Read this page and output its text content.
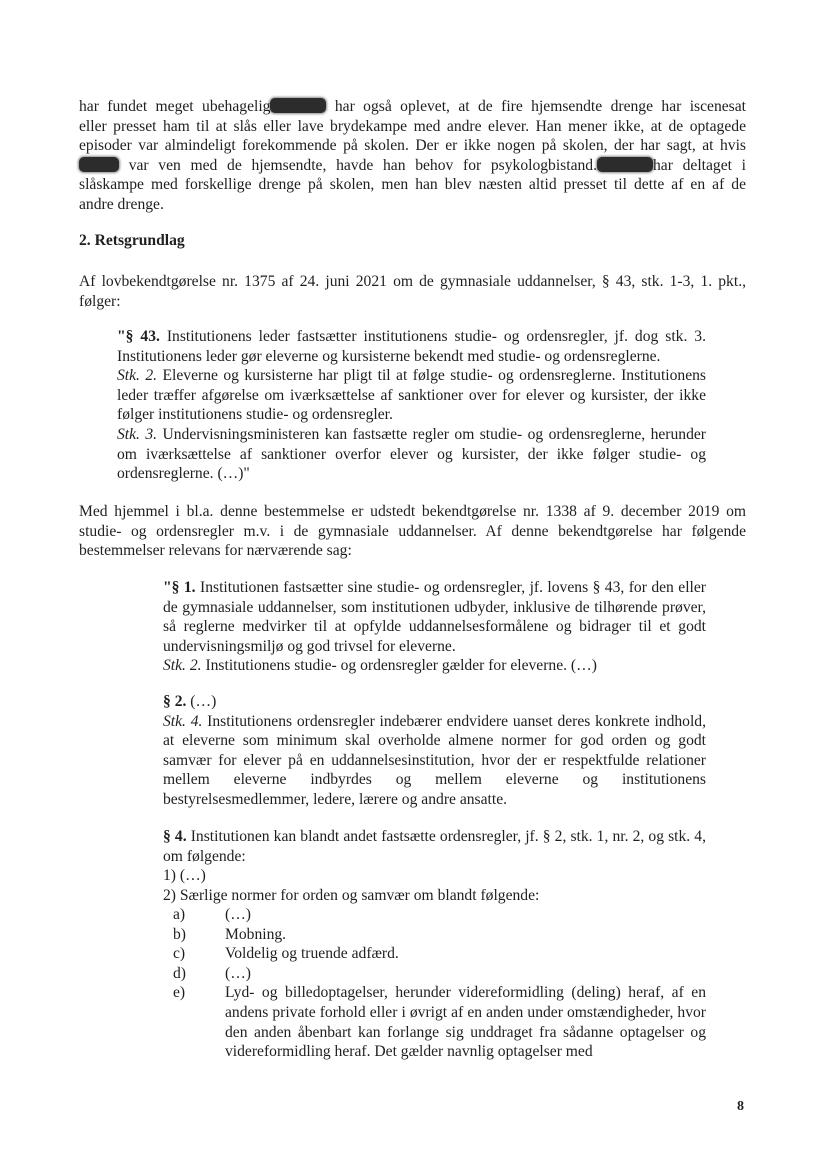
har fundet meget ubehagelig	har også oplevet, at de fire hjemsendte drenge har iscenesat
eller presset ham til at slås eller lave brydekampe med andre elever. Han mener ikke, at de optagede
episoder var almindeligt forekommende på skolen. Der er ikke nogen på skolen, der har sagt, at hvis
var ven med de hjemsendte, havde han behov for psykologbistand.	har deltaget i
slåskampe med forskellige drenge på skolen, men han blev næsten altid presset til dette af en af de
andre drenge.
2. Retsgrundlag
Af lovbekendtgørelse nr. 1375 af 24. juni 2021 om de gymnasiale uddannelser, § 43, stk. 1-3, 1. pkt.,
følger:
"§ 43. Institutionens leder fastsætter institutionens studie- og ordensregler, jf. dog stk. 3. Institutionens leder gør eleverne og kursisterne bekendt med studie- og ordensreglerne.
Stk. 2. Eleverne og kursisterne har pligt til at følge studie- og ordensreglerne. Institutionens leder træffer afgørelse om iværksættelse af sanktioner over for elever og kursister, der ikke følger institutionens studie- og ordensregler.
Stk. 3. Undervisningsministeren kan fastsætte regler om studie- og ordensreglerne, herunder om iværksættelse af sanktioner overfor elever og kursister, der ikke følger studie- og ordensreglerne. (…)"
Med hjemmel i bl.a. denne bestemmelse er udstedt bekendtgørelse nr. 1338 af 9. december 2019 om studie- og ordensregler m.v. i de gymnasiale uddannelser. Af denne bekendtgørelse har følgende bestemmelser relevans for nærværende sag:
"§ 1. Institutionen fastsætter sine studie- og ordensregler, jf. lovens § 43, for den eller de gymnasiale uddannelser, som institutionen udbyder, inklusive de tilhørende prøver, så reglerne medvirker til at opfylde uddannelsesformålene og bidrager til et godt undervisningsmiljø og god trivsel for eleverne.
Stk. 2. Institutionens studie- og ordensregler gælder for eleverne. (…)
§ 2. (…)
Stk. 4. Institutionens ordensregler indebærer endvidere uanset deres konkrete indhold, at eleverne som minimum skal overholde almene normer for god orden og godt samvær for elever på en uddannelsesinstitution, hvor der er respektfulde relationer mellem eleverne indbyrdes og mellem eleverne og institutionens bestyrelsesmedlemmer, ledere, lærere og andre ansatte.
§ 4. Institutionen kan blandt andet fastsætte ordensregler, jf. § 2, stk. 1, nr. 2, og stk. 4, om følgende:
1) (…)
2) Særlige normer for orden og samvær om blandt følgende:
a)	(…)
b)	Mobning.
c)	Voldelig og truende adfærd.
d)	(…)
e)	Lyd- og billedoptagelser, herunder videreformidling (deling) heraf, af en andens private forhold eller i øvrigt af en anden under omstændigheder, hvor den anden åbenbart kan forlange sig unddraget fra sådanne optagelser og videreformidling heraf. Det gælder navnlig optagelser med
8
